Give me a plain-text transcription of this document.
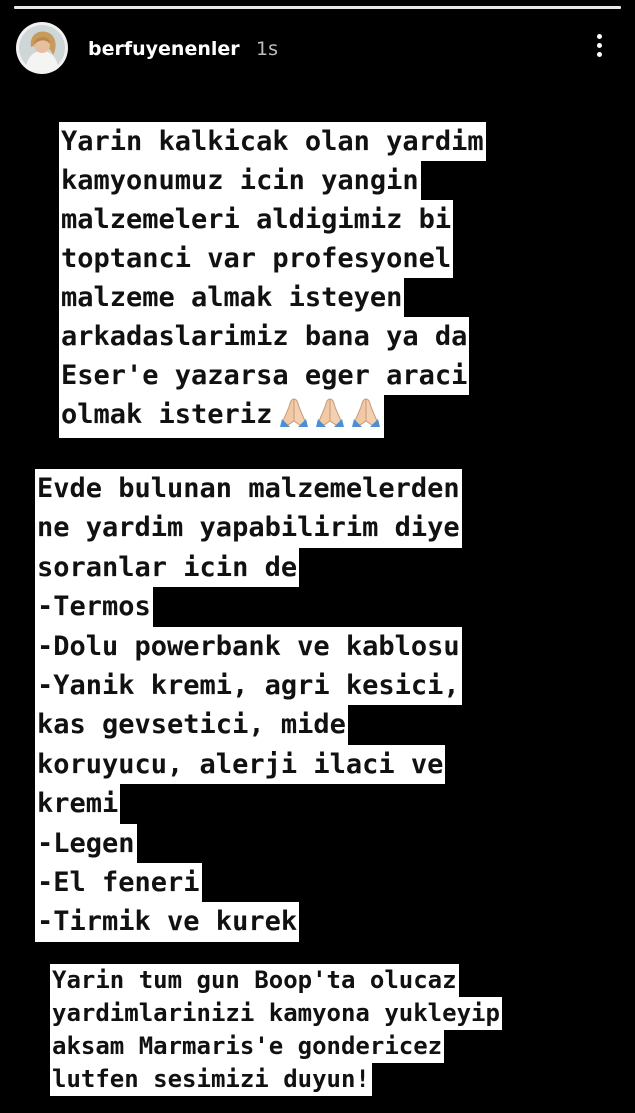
berfuyenenler 1s
Yarin kalkicak olan yardim
kamyonumuz icin yangin
malzemeleri aldigimiz bi
toptanci var profesyonel
malzeme almak isteyen
arkadaslarimiz bana ya da
Eser'e yazarsa eger araci
olmak isteriz
Evde bulunan malzemelerden
ne yardim yapabilirim diye
soranlar icin de
-Termos
-Dolu powerbank ve kablosu
-Yanik kremi, agri kesici,
kas gevsetici, mide
koruyucu, alerji ilaci ve
kremi
-Legen
-El feneri
-Tirmik ve kurek
Yarin tum gun Boop'ta olucaz
yardimlarinizi kamyona yukleyip
aksam Marmaris'e gondericez
lutfen sesimizi duyun!
